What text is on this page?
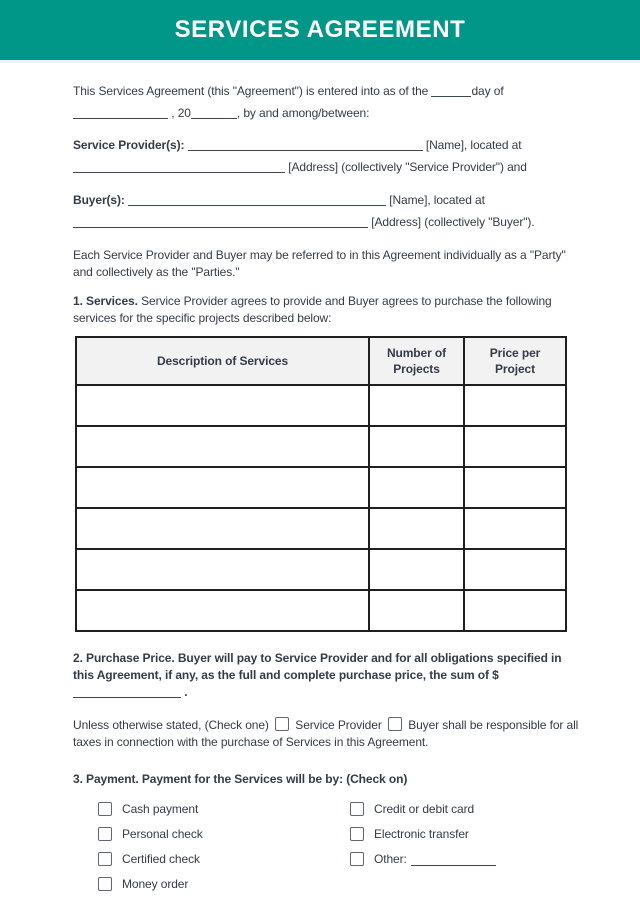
SERVICES AGREEMENT
This Services Agreement (this "Agreement") is entered into as of the	day of
, 20	, by and among/between:
Service Provider(s):	[Name], located at
[Address] (collectively "Service Provider") and
Buyer(s):	[Name], located at
[Address] (collectively "Buyer").
Each Service Provider and Buyer may be referred to in this Agreement individually as a "Party" and collectively as the "Parties."
1. Services. Service Provider agrees to provide and Buyer agrees to purchase the following services for the specific projects described below:
Description of Services	Number of Projects	Price per Project

2. Purchase Price. Buyer will pay to Service Provider and for all obligations specified in this Agreement, if any, as the full and complete purchase price, the sum of $  .
Unless otherwise stated, (Check one)  Service Provider  Buyer shall be responsible for all taxes in connection with the purchase of Services in this Agreement.
3. Payment. Payment for the Services will be by: (Check on)
Cash payment
Personal check
Certified check
Money order
Credit or debit card
Electronic transfer
Other:
